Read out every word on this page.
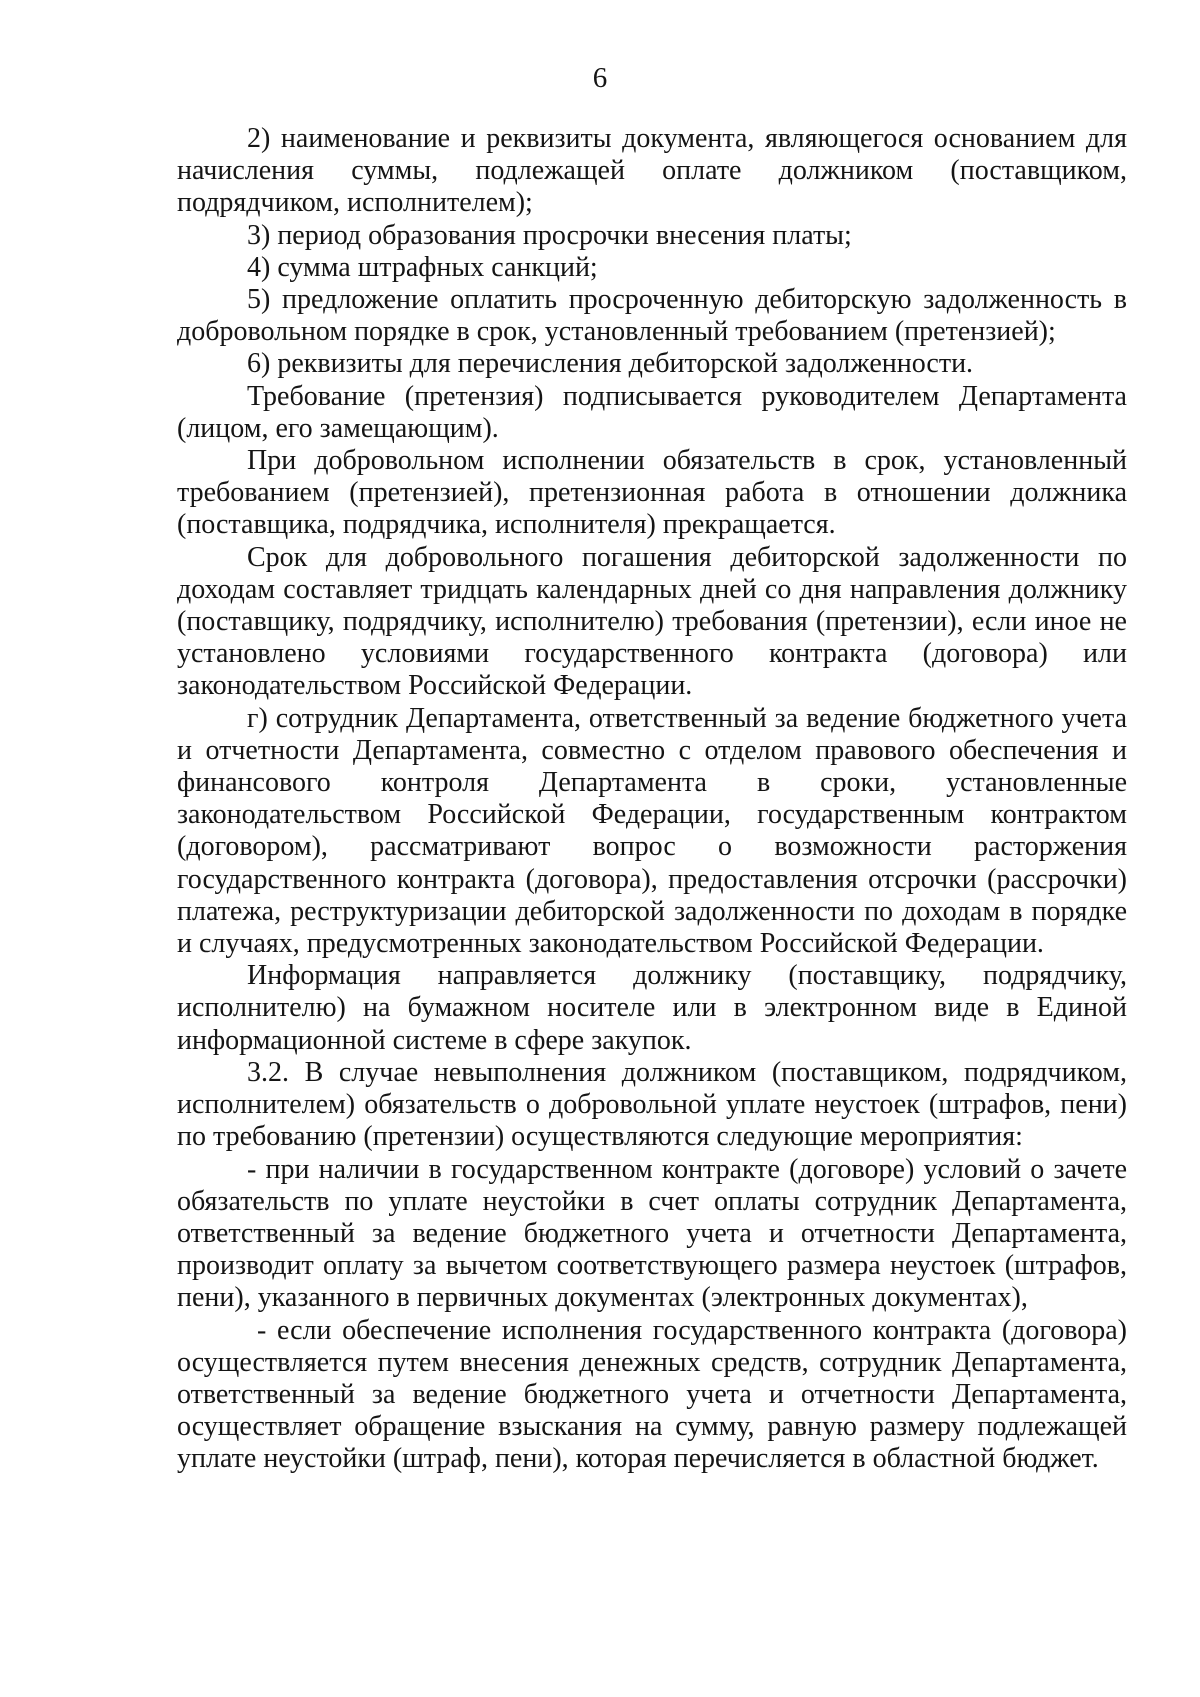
6

2) наименование и реквизиты документа, являющегося основанием для начисления суммы, подлежащей оплате должником (поставщиком, подрядчиком, исполнителем);

3) период образования просрочки внесения платы;

4) сумма штрафных санкций;

5) предложение оплатить просроченную дебиторскую задолженность в добровольном порядке в срок, установленный требованием (претензией);

6) реквизиты для перечисления дебиторской задолженности.

Требование (претензия) подписывается руководителем Департамента (лицом, его замещающим).

При добровольном исполнении обязательств в срок, установленный требованием (претензией), претензионная работа в отношении должника (поставщика, подрядчика, исполнителя) прекращается.

Срок для добровольного погашения дебиторской задолженности по доходам составляет тридцать календарных дней со дня направления должнику (поставщику, подрядчику, исполнителю) требования (претензии), если иное не установлено условиями государственного контракта (договора) или законодательством Российской Федерации.

г) сотрудник Департамента, ответственный за ведение бюджетного учета и отчетности Департамента, совместно с отделом правового обеспечения и финансового контроля Департамента в сроки, установленные законодательством Российской Федерации, государственным контрактом (договором), рассматривают вопрос о возможности расторжения государственного контракта (договора), предоставления отсрочки (рассрочки) платежа, реструктуризации дебиторской задолженности по доходам в порядке и случаях, предусмотренных законодательством Российской Федерации.

Информация направляется должнику (поставщику, подрядчику, исполнителю) на бумажном носителе или в электронном виде в Единой информационной системе в сфере закупок.

3.2. В случае невыполнения должником (поставщиком, подрядчиком, исполнителем) обязательств о добровольной уплате неустоек (штрафов, пени) по требованию (претензии) осуществляются следующие мероприятия:

- при наличии в государственном контракте (договоре) условий о зачете обязательств по уплате неустойки в счет оплаты сотрудник Департамента, ответственный за ведение бюджетного учета и отчетности Департамента, производит оплату за вычетом соответствующего размера неустоек (штрафов, пени), указанного в первичных документах (электронных документах),

- если обеспечение исполнения государственного контракта (договора) осуществляется путем внесения денежных средств, сотрудник Департамента, ответственный за ведение бюджетного учета и отчетности Департамента, осуществляет обращение взыскания на сумму, равную размеру подлежащей уплате неустойки (штраф, пени), которая перечисляется в областной бюджет.
